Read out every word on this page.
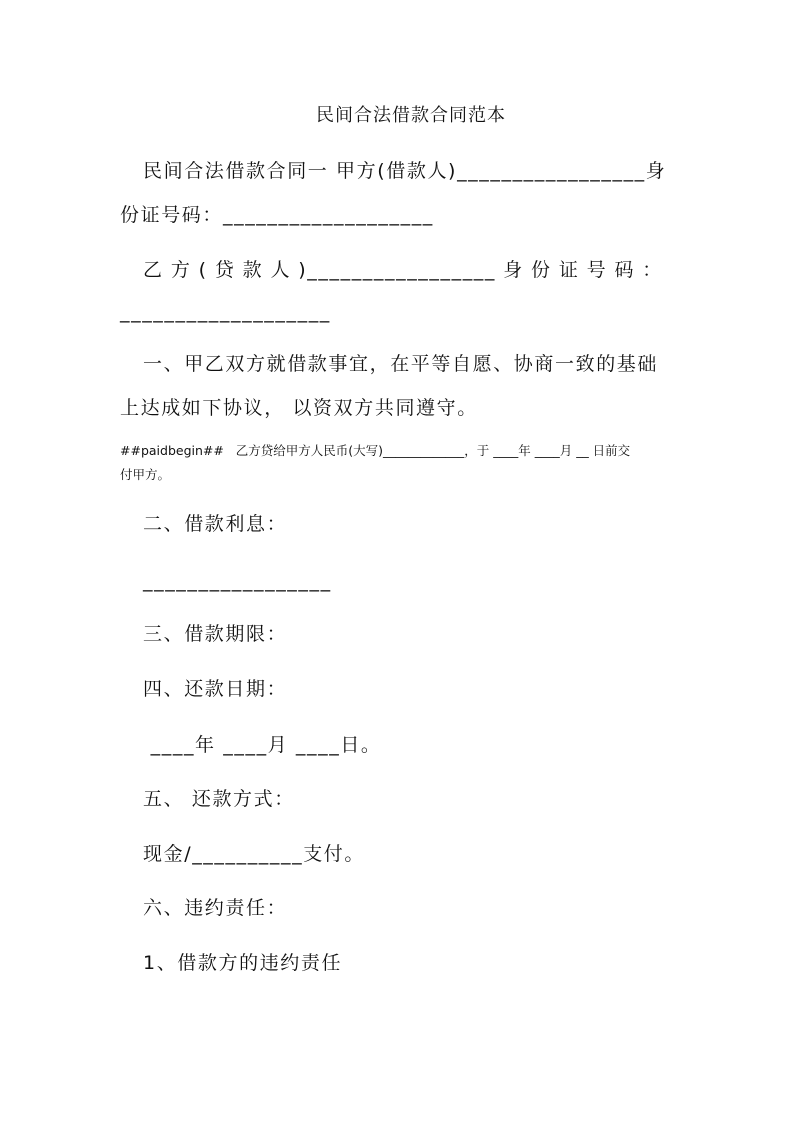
民间合法借款合同范本
民间合法借款合同一 甲方(借款人)_________________身
份证号码：___________________
乙 方 ( 贷 款 人 )_________________ 身 份 证 号 码 ：
___________________
一、甲乙双方就借款事宜，在平等自愿、协商一致的基础
上达成如下协议， 以资双方共同遵守。
##paidbegin##   乙方贷给甲方人民币(大写)_____________，于 ____年 ____月 __ 日前交
付甲方。
二、借款利息：
_________________
三、借款期限：
四、还款日期：
____年 ____月 ____日。
五、 还款方式：
现金/__________支付。
六、违约责任：
1、借款方的违约责任
